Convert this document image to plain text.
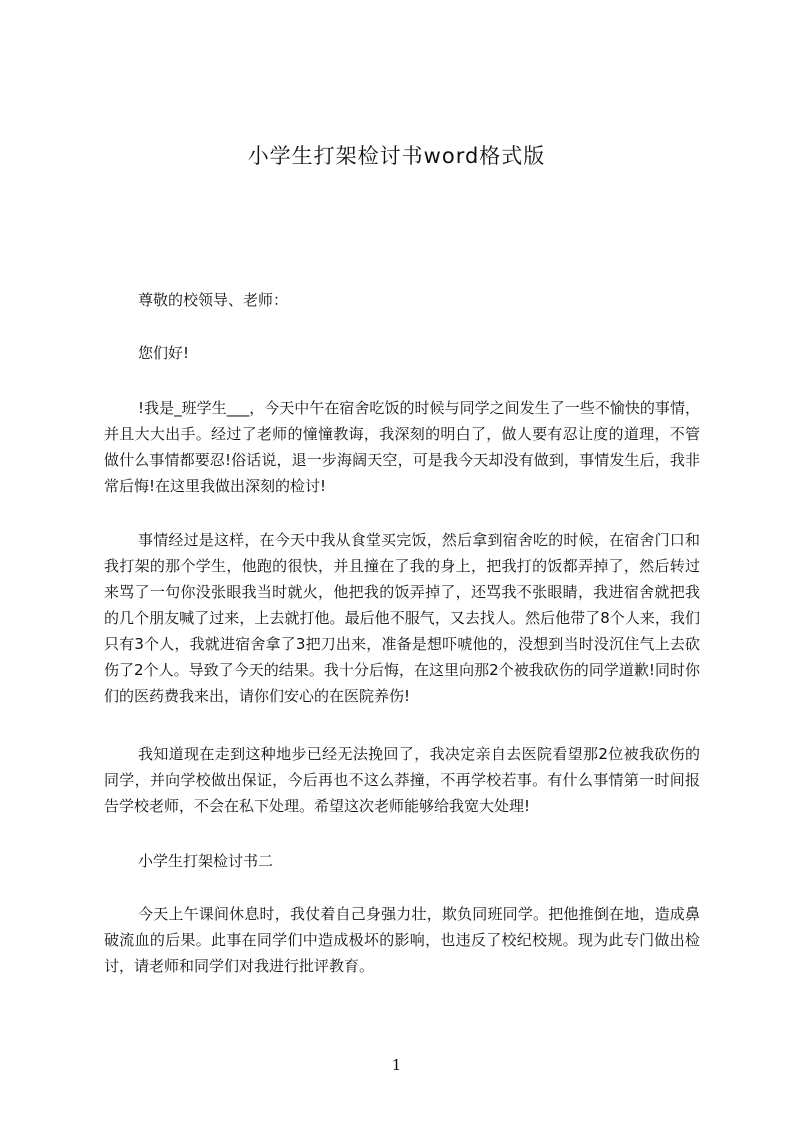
小学生打架检讨书word格式版

尊敬的校领导、老师：

您们好!

!我是_班学生___，今天中午在宿舍吃饭的时候与同学之间发生了一些不愉快的事情，并且大大出手。经过了老师的憧憧教诲，我深刻的明白了，做人要有忍让度的道理，不管做什么事情都要忍!俗话说，退一步海阔天空，可是我今天却没有做到，事情发生后，我非常后悔!在这里我做出深刻的检讨!

事情经过是这样，在今天中我从食堂买完饭，然后拿到宿舍吃的时候，在宿舍门口和我打架的那个学生，他跑的很快，并且撞在了我的身上，把我打的饭都弄掉了，然后转过来骂了一句你没张眼我当时就火，他把我的饭弄掉了，还骂我不张眼睛，我进宿舍就把我的几个朋友喊了过来，上去就打他。最后他不服气，又去找人。然后他带了8个人来，我们只有3个人，我就进宿舍拿了3把刀出来，准备是想吓唬他的，没想到当时没沉住气上去砍伤了2个人。导致了今天的结果。我十分后悔，在这里向那2个被我砍伤的同学道歉!同时你们的医药费我来出，请你们安心的在医院养伤!

我知道现在走到这种地步已经无法挽回了，我决定亲自去医院看望那2位被我砍伤的同学，并向学校做出保证，今后再也不这么莽撞，不再学校若事。有什么事情第一时间报告学校老师，不会在私下处理。希望这次老师能够给我宽大处理!

小学生打架检讨书二

今天上午课间休息时，我仗着自己身强力壮，欺负同班同学。把他推倒在地，造成鼻破流血的后果。此事在同学们中造成极坏的影响，也违反了校纪校规。现为此专门做出检讨，请老师和同学们对我进行批评教育。

1
